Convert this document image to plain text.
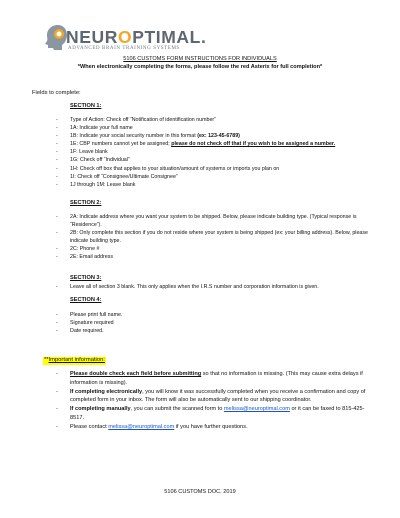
NEUROPTIMAL.
ADVANCED BRAIN TRAINING SYSTEMS
5106 CUSTOMS FORM INSTRUCTIONS FOR INDIVIDUALS
*When electronically completing the forms, please follow the red Asterix for full completion*
Fields to complete:
SECTION 1:
- Type of Action: Check off “Notification of identification number”
- 1A: Indicate your full name
- 1B: Indicate your social security number in this format (ex: 123-45-6789)
- 1E: CBP numbers cannot yet be assigned; please do not check off that if you wish to be assigned a number.
- 1F: Leave blank
- 1G: Check off “Individual”
- 1H: Check off box that applies to your situation/amount of systems or imports you plan on
- 1I: Check off “Consignee/Ultimate Consignee”
- 1J through 1M: Leave blank
SECTION 2:
- 2A: Indicate address where you want your system to be shipped. Below, please indicate building type. (Typical response is “Residence”).
- 2B: Only complete this section if you do not reside where your system is being shipped (ex: your billing address). Below, please indicate building type.
- 2C: Phone #
- 2E: Email address
SECTION 3:
- Leave all of section 3 blank. This only applies when the I.R.S number and corporation information is given.
SECTION 4:
- Please print full name.
- Signature required
- Date required.
**Important information:
- Please double check each field before submitting so that no information is missing. (This may cause extra delays if information is missing).
- If completing electronically, you will know it was successfully completed when you receive a confirmation and copy of completed form in your inbox. The form will also be automatically sent to our shipping coordinator.
- If completing manually, you can submit the scanned form to melissa@neuroptimal.com or it can be faxed to 815-425-8517.
- Please contact melissa@neuroptimal.com if you have further questions.
5106 CUSTOMS DOC. 2019
